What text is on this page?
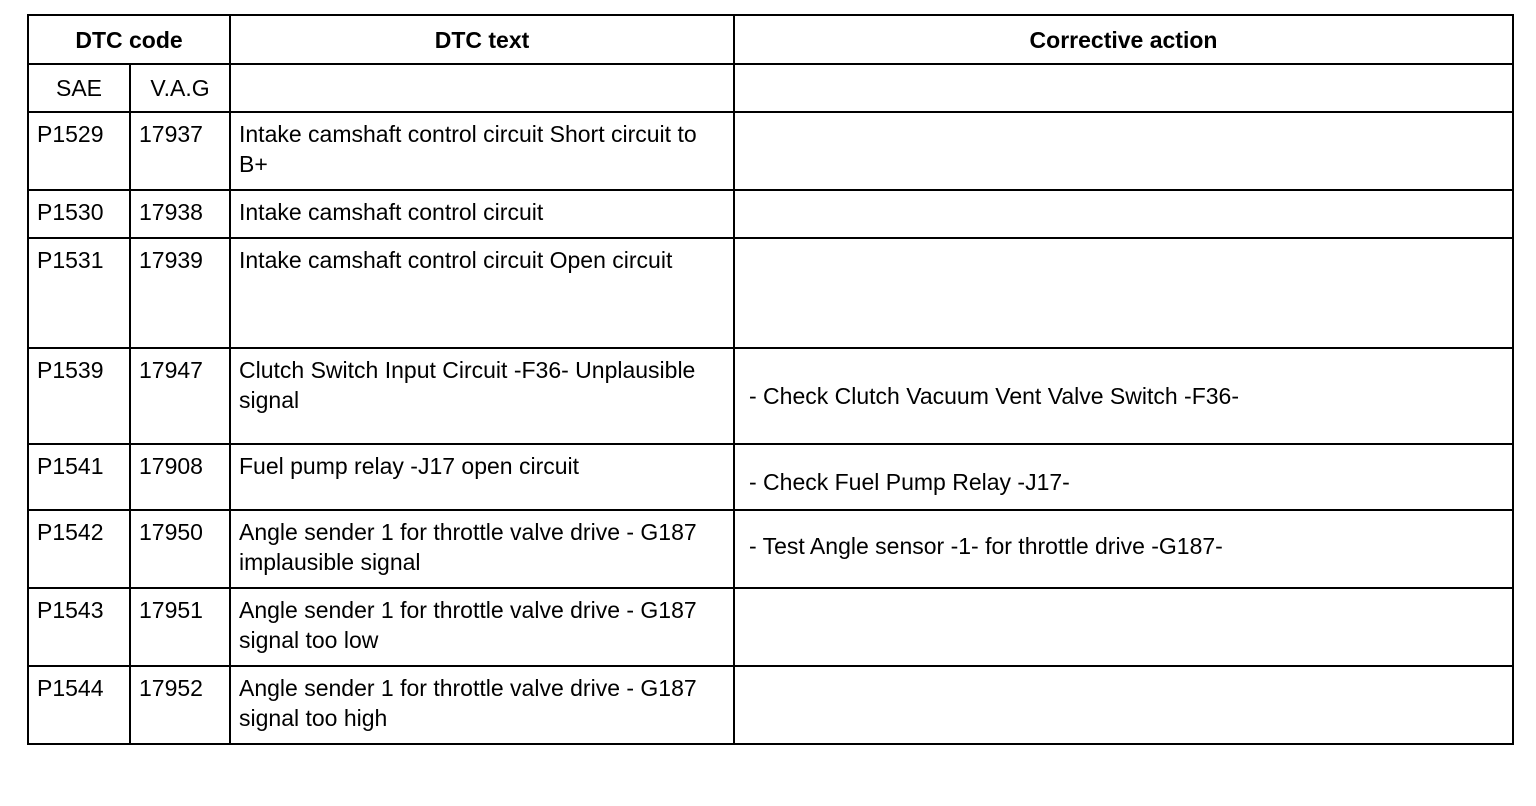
DTC code		DTC text	Corrective action
SAE	V.A.G		
P1529	17937	Intake camshaft control circuit Short circuit to B+	
P1530	17938	Intake camshaft control circuit	
P1531	17939	Intake camshaft control circuit Open circuit	
P1539	17947	Clutch Switch Input Circuit -F36- Unplausible signal	- Check Clutch Vacuum Vent Valve Switch -F36-
P1541	17908	Fuel pump relay -J17 open circuit	- Check Fuel Pump Relay -J17-
P1542	17950	Angle sender 1 for throttle valve drive - G187 implausible signal	- Test Angle sensor -1- for throttle drive -G187-
P1543	17951	Angle sender 1 for throttle valve drive - G187 signal too low	
P1544	17952	Angle sender 1 for throttle valve drive - G187 signal too high	
